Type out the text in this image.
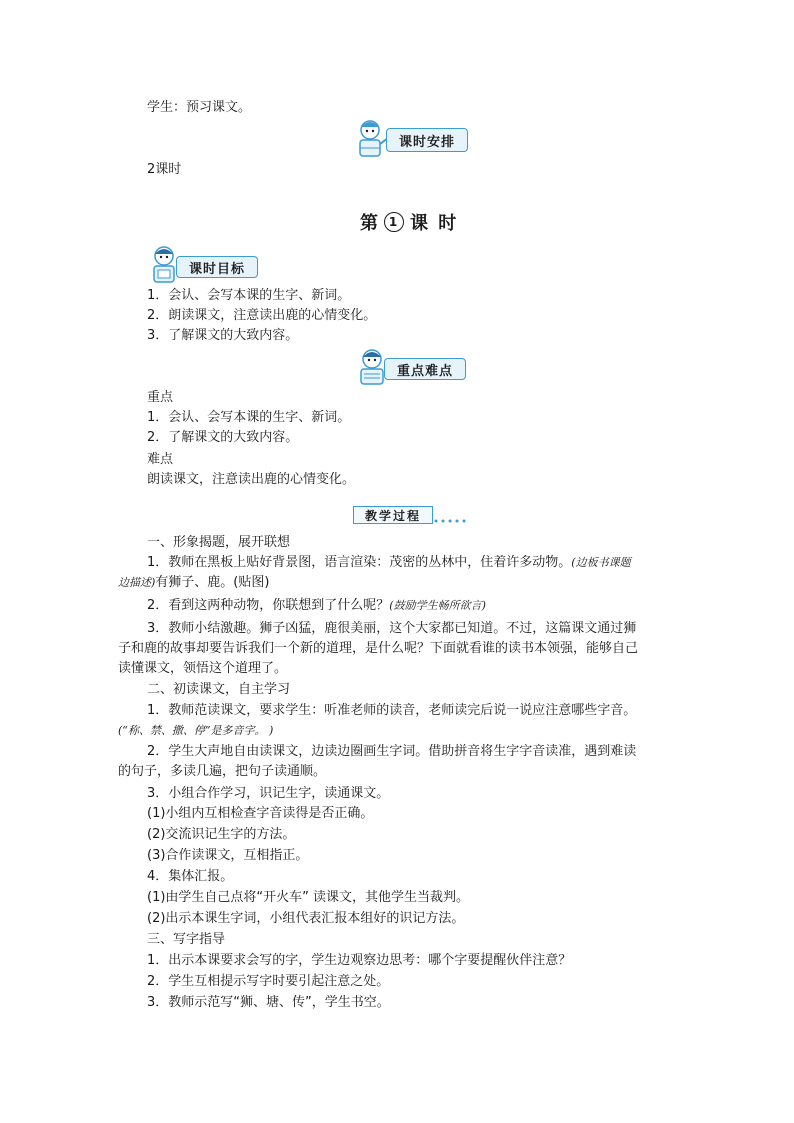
学生：预习课文。
课时安排
2课时
第 1 课 时
课时目标
1．会认、会写本课的生字、新词。
2．朗读课文，注意读出鹿的心情变化。
3．了解课文的大致内容。
重点难点
重点
1．会认、会写本课的生字、新词。
2．了解课文的大致内容。
难点
朗读课文，注意读出鹿的心情变化。
教学过程
一、形象揭题，展开联想
1．教师在黑板上贴好背景图，语言渲染：茂密的丛林中，住着许多动物。(边板书课题
边描述)有狮子、鹿。(贴图)
2．看到这两种动物，你联想到了什么呢？(鼓励学生畅所欲言)
3．教师小结激趣。狮子凶猛，鹿很美丽，这个大家都已知道。不过，这篇课文通过狮
子和鹿的故事却要告诉我们一个新的道理，是什么呢？下面就看谁的读书本领强，能够自己
读懂课文，领悟这个道理了。
二、初读课文，自主学习
1．教师范读课文，要求学生：听准老师的读音，老师读完后说一说应注意哪些字音。
(“称、禁、撒、停”是多音字。 )
2．学生大声地自由读课文，边读边圈画生字词。借助拼音将生字字音读准，遇到难读
的句子，多读几遍，把句子读通顺。
3．小组合作学习，识记生字，读通课文。
(1)小组内互相检查字音读得是否正确。
(2)交流识记生字的方法。
(3)合作读课文，互相指正。
4．集体汇报。
(1)由学生自己点将“开火车” 读课文，其他学生当裁判。
(2)出示本课生字词，小组代表汇报本组好的识记方法。
三、写字指导
1．出示本课要求会写的字，学生边观察边思考：哪个字要提醒伙伴注意？
2．学生互相提示写字时要引起注意之处。
3．教师示范写“狮、塘、传”，学生书空。
